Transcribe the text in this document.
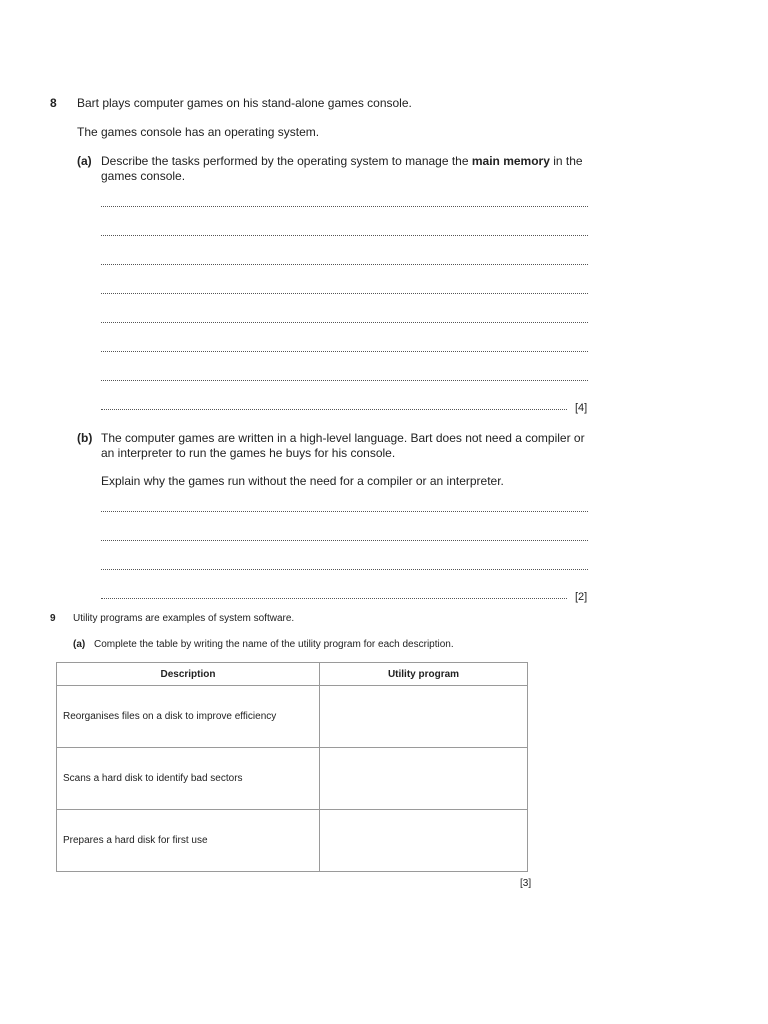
8 Bart plays computer games on his stand-alone games console.
The games console has an operating system.
(a) Describe the tasks performed by the operating system to manage the main memory in the
games console.
[4]
(b) The computer games are written in a high-level language. Bart does not need a compiler or
an interpreter to run the games he buys for his console.
Explain why the games run without the need for a compiler or an interpreter.
[2]
9 Utility programs are examples of system software.
(a) Complete the table by writing the name of the utility program for each description.
Description	Utility program
Reorganises files on a disk to improve efficiency	
Scans a hard disk to identify bad sectors	
Prepares a hard disk for first use	
[3]
